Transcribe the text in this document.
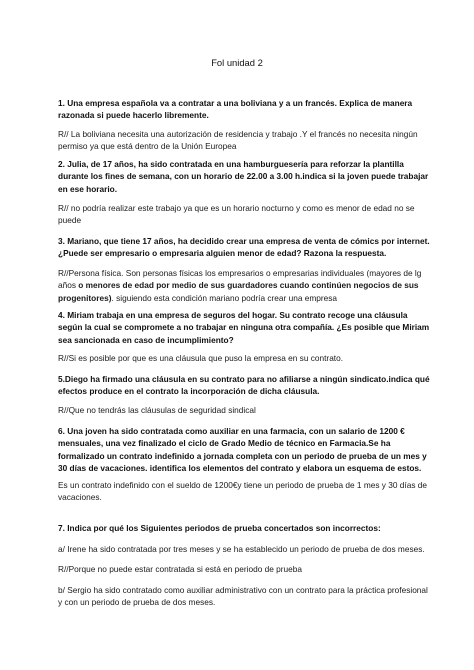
Fol unidad 2
1. Una empresa española va a contratar a una boliviana y a un francés. Explica de manera
razonada si puede hacerlo libremente.
R// La boliviana necesita una autorización de residencia y trabajo .Y el francés no necesita ningún
permiso ya que está dentro de la Unión Europea
2. Julia, de 17 años, ha sido contratada en una hamburguesería para reforzar la plantilla
durante los fines de semana, con un horario de 22.00 a 3.00 h.indica si la joven puede trabajar
en ese horario.
R// no podría realizar este trabajo ya que es un horario nocturno y como es menor de edad no se
puede
3. Mariano, que tiene 17 años, ha decidido crear una empresa de venta de cómics por internet.
¿Puede ser empresario o empresaria alguien menor de edad? Razona la respuesta.
R//Persona física. Son personas físicas los empresarios o empresarias individuales (mayores de lg
años o menores de edad por medio de sus guardadores cuando continúen negocios de sus
progenitores). siguiendo esta condición mariano podría crear una empresa
4. Miriam trabaja en una empresa de seguros del hogar. Su contrato recoge una cláusula
según la cual se compromete a no trabajar en ninguna otra compañía. ¿Es posible que Miriam
sea sancionada en caso de incumplimiento?
R//Si es posible por que es una cláusula que puso la empresa en su contrato.
5.Diego ha firmado una cláusula en su contrato para no afiliarse a ningún sindicato.indica qué
efectos produce en el contrato la incorporación de dicha cláusula.
R//Que no tendrás las cláusulas de seguridad sindical
6. Una joven ha sido contratada como auxiliar en una farmacia, con un salario de 1200 €
mensuales, una vez finalizado el ciclo de Grado Medio de técnico en Farmacia.Se ha
formalizado un contrato indefinido a jornada completa con un periodo de prueba de un mes y
30 días de vacaciones. identifica los elementos del contrato y elabora un esquema de estos.
Es un contrato indefinido con el sueldo de 1200€y tiene un periodo de prueba de 1 mes y 30 días de
vacaciones.
7. Indica por qué los Siguientes periodos de prueba concertados son incorrectos:
a/ Irene ha sido contratada por tres meses y se ha establecido un periodo de prueba de dos meses.
R//Porque no puede estar contratada si está en periodo de prueba
b/ Sergio ha sido contratado como auxiliar administrativo con un contrato para la práctica profesional
y con un periodo de prueba de dos meses.
